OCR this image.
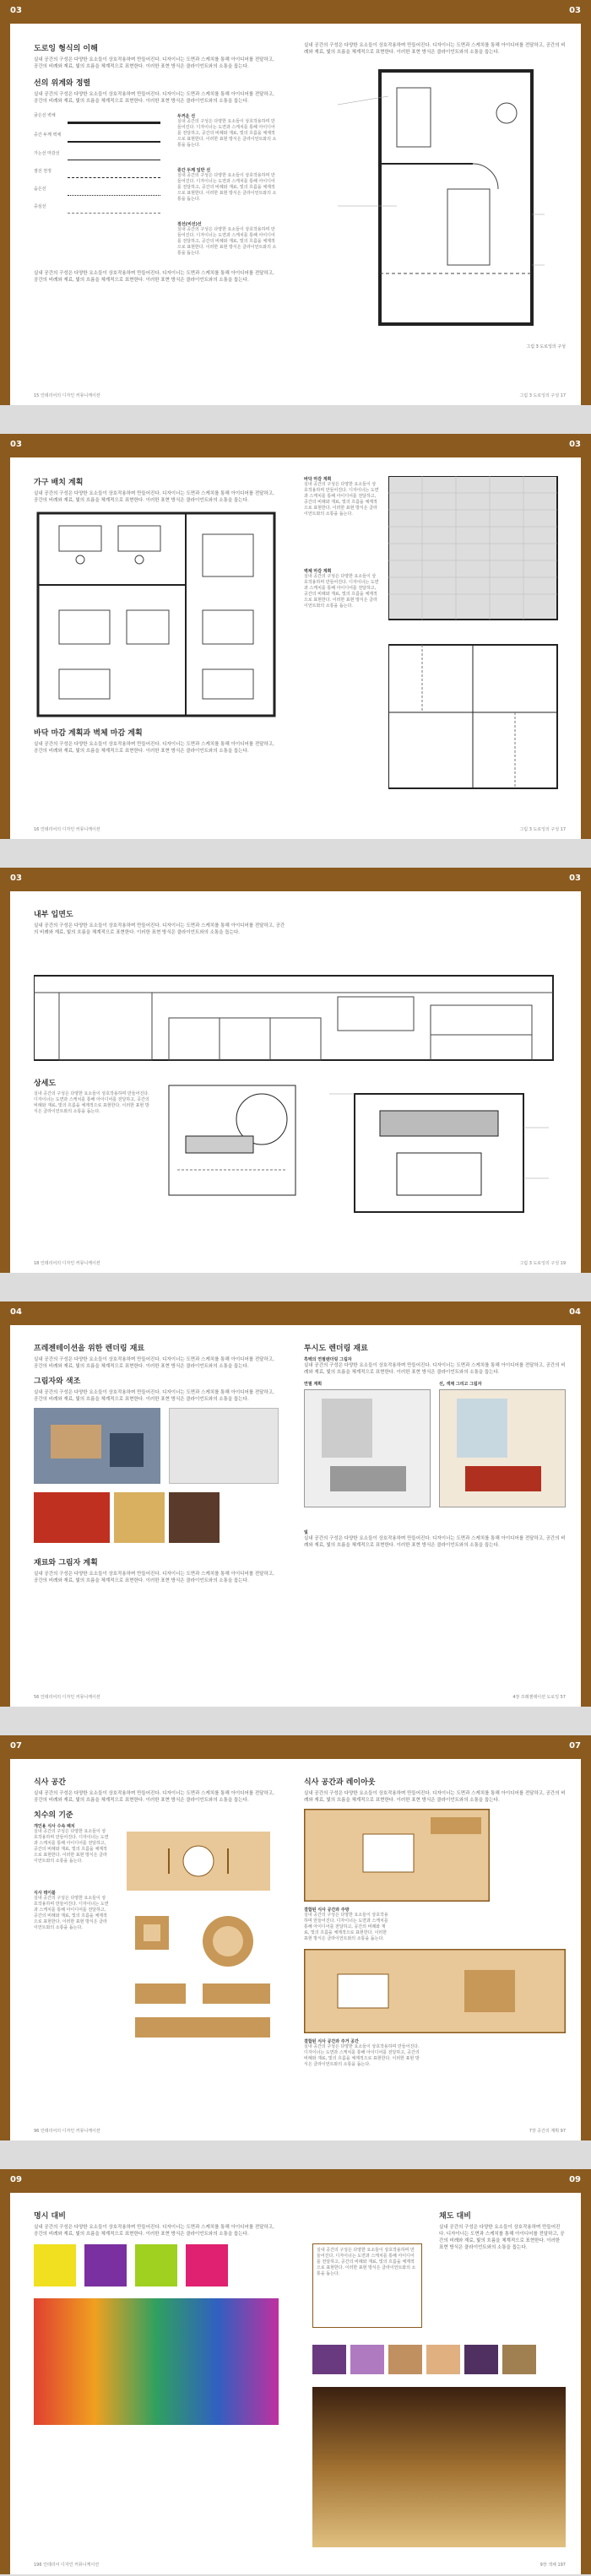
03	03
도로잉 형식의 이해
실내 공간의 구성은 다양한 요소들이 상호작용하며 만들어진다. 디자이너는 도면과 스케치를 통해 아이디어를 전달하고, 공간의 비례와 재료, 빛의 흐름을 체계적으로 표현한다. 이러한 표현 방식은 클라이언트와의 소통을 돕는다.
선의 위계와 정렬
실내 공간의 구성은 다양한 요소들이 상호작용하며 만들어진다. 디자이너는 도면과 스케치를 통해 아이디어를 전달하고, 공간의 비례와 재료, 빛의 흐름을 체계적으로 표현한다. 이러한 표현 방식은 클라이언트와의 소통을 돕는다.
굵은선 벽체
중간 두께 벽체
가는선 마감선
점선 천정
숨은선
중심선
두꺼운 선
실내 공간의 구성은 다양한 요소들이 상호작용하며 만들어진다. 디자이너는 도면과 스케치를 통해 아이디어를 전달하고, 공간의 비례와 재료, 빛의 흐름을 체계적으로 표현한다. 이러한 표현 방식은 클라이언트와의 소통을 돕는다.
중간 두께 일반 선
실내 공간의 구성은 다양한 요소들이 상호작용하며 만들어진다. 디자이너는 도면과 스케치를 통해 아이디어를 전달하고, 공간의 비례와 재료, 빛의 흐름을 체계적으로 표현한다. 이러한 표현 방식은 클라이언트와의 소통을 돕는다.
점선(비선)선
실내 공간의 구성은 다양한 요소들이 상호작용하며 만들어진다. 디자이너는 도면과 스케치를 통해 아이디어를 전달하고, 공간의 비례와 재료, 빛의 흐름을 체계적으로 표현한다. 이러한 표현 방식은 클라이언트와의 소통을 돕는다.
실내 공간의 구성은 다양한 요소들이 상호작용하며 만들어진다. 디자이너는 도면과 스케치를 통해 아이디어를 전달하고, 공간의 비례와 재료, 빛의 흐름을 체계적으로 표현한다. 이러한 표현 방식은 클라이언트와의 소통을 돕는다.
15 인테리어의 디자인 커뮤니케이션
실내 공간의 구성은 다양한 요소들이 상호작용하며 만들어진다. 디자이너는 도면과 스케치를 통해 아이디어를 전달하고, 공간의 비례와 재료, 빛의 흐름을 체계적으로 표현한다. 이러한 표현 방식은 클라이언트와의 소통을 돕는다.
그림 3 도로잉의 구성
그림 3 도로잉의 구성 17
03	03
가구 배치 계획
실내 공간의 구성은 다양한 요소들이 상호작용하며 만들어진다. 디자이너는 도면과 스케치를 통해 아이디어를 전달하고, 공간의 비례와 재료, 빛의 흐름을 체계적으로 표현한다. 이러한 표현 방식은 클라이언트와의 소통을 돕는다.
바닥 마감 계획과 벽체 마감 계획
실내 공간의 구성은 다양한 요소들이 상호작용하며 만들어진다. 디자이너는 도면과 스케치를 통해 아이디어를 전달하고, 공간의 비례와 재료, 빛의 흐름을 체계적으로 표현한다. 이러한 표현 방식은 클라이언트와의 소통을 돕는다.
16 인테리어의 디자인 커뮤니케이션
바닥 마감 계획
실내 공간의 구성은 다양한 요소들이 상호작용하며 만들어진다. 디자이너는 도면과 스케치를 통해 아이디어를 전달하고, 공간의 비례와 재료, 빛의 흐름을 체계적으로 표현한다. 이러한 표현 방식은 클라이언트와의 소통을 돕는다.
벽체 마감 계획
실내 공간의 구성은 다양한 요소들이 상호작용하며 만들어진다. 디자이너는 도면과 스케치를 통해 아이디어를 전달하고, 공간의 비례와 재료, 빛의 흐름을 체계적으로 표현한다. 이러한 표현 방식은 클라이언트와의 소통을 돕는다.
그림 3 도로잉의 구성 17
03	03
내부 입면도
실내 공간의 구성은 다양한 요소들이 상호작용하며 만들어진다. 디자이너는 도면과 스케치를 통해 아이디어를 전달하고, 공간의 비례와 재료, 빛의 흐름을 체계적으로 표현한다. 이러한 표현 방식은 클라이언트와의 소통을 돕는다.
상세도
실내 공간의 구성은 다양한 요소들이 상호작용하며 만들어진다. 디자이너는 도면과 스케치를 통해 아이디어를 전달하고, 공간의 비례와 재료, 빛의 흐름을 체계적으로 표현한다. 이러한 표현 방식은 클라이언트와의 소통을 돕는다.
18 인테리어의 디자인 커뮤니케이션	그림 3 도로잉의 구성 19
04	04
프레젠테이션을 위한 렌더링 재료
실내 공간의 구성은 다양한 요소들이 상호작용하며 만들어진다. 디자이너는 도면과 스케치를 통해 아이디어를 전달하고, 공간의 비례와 재료, 빛의 흐름을 체계적으로 표현한다. 이러한 표현 방식은 클라이언트와의 소통을 돕는다.
그림자와 색조
실내 공간의 구성은 다양한 요소들이 상호작용하며 만들어진다. 디자이너는 도면과 스케치를 통해 아이디어를 전달하고, 공간의 비례와 재료, 빛의 흐름을 체계적으로 표현한다. 이러한 표현 방식은 클라이언트와의 소통을 돕는다.
재료와 그림자 계획
실내 공간의 구성은 다양한 요소들이 상호작용하며 만들어진다. 디자이너는 도면과 스케치를 통해 아이디어를 전달하고, 공간의 비례와 재료, 빛의 흐름을 체계적으로 표현한다. 이러한 표현 방식은 클라이언트와의 소통을 돕는다.
56 인테리어의 디자인 커뮤니케이션
투시도 렌더링 재료
흑백의 연필렌더링 그림자
실내 공간의 구성은 다양한 요소들이 상호작용하며 만들어진다. 디자이너는 도면과 스케치를 통해 아이디어를 전달하고, 공간의 비례와 재료, 빛의 흐름을 체계적으로 표현한다. 이러한 표현 방식은 클라이언트와의 소통을 돕는다.
연필 계획	선, 색채 그리고 그림자
빛
실내 공간의 구성은 다양한 요소들이 상호작용하며 만들어진다. 디자이너는 도면과 스케치를 통해 아이디어를 전달하고, 공간의 비례와 재료, 빛의 흐름을 체계적으로 표현한다. 이러한 표현 방식은 클라이언트와의 소통을 돕는다.
4장 프레젠테이션 도로잉 57
07	07
식사 공간
실내 공간의 구성은 다양한 요소들이 상호작용하며 만들어진다. 디자이너는 도면과 스케치를 통해 아이디어를 전달하고, 공간의 비례와 재료, 빛의 흐름을 체계적으로 표현한다. 이러한 표현 방식은 클라이언트와의 소통을 돕는다.
치수의 기준
개인용 식사 수속 패치
실내 공간의 구성은 다양한 요소들이 상호작용하며 만들어진다. 디자이너는 도면과 스케치를 통해 아이디어를 전달하고, 공간의 비례와 재료, 빛의 흐름을 체계적으로 표현한다. 이러한 표현 방식은 클라이언트와의 소통을 돕는다.
식사 테이블
실내 공간의 구성은 다양한 요소들이 상호작용하며 만들어진다. 디자이너는 도면과 스케치를 통해 아이디어를 전달하고, 공간의 비례와 재료, 빛의 흐름을 체계적으로 표현한다. 이러한 표현 방식은 클라이언트와의 소통을 돕는다.
96 인테리어의 디자인 커뮤니케이션
식사 공간과 레이아웃
실내 공간의 구성은 다양한 요소들이 상호작용하며 만들어진다. 디자이너는 도면과 스케치를 통해 아이디어를 전달하고, 공간의 비례와 재료, 빛의 흐름을 체계적으로 표현한다. 이러한 표현 방식은 클라이언트와의 소통을 돕는다.
결합된 식사 공간과 주방
실내 공간의 구성은 다양한 요소들이 상호작용하며 만들어진다. 디자이너는 도면과 스케치를 통해 아이디어를 전달하고, 공간의 비례와 재료, 빛의 흐름을 체계적으로 표현한다. 이러한 표현 방식은 클라이언트와의 소통을 돕는다.
결합된 식사 공간과 주거 공간
실내 공간의 구성은 다양한 요소들이 상호작용하며 만들어진다. 디자이너는 도면과 스케치를 통해 아이디어를 전달하고, 공간의 비례와 재료, 빛의 흐름을 체계적으로 표현한다. 이러한 표현 방식은 클라이언트와의 소통을 돕는다.
7장 공간의 계획 97
09	09
명시 대비
실내 공간의 구성은 다양한 요소들이 상호작용하며 만들어진다. 디자이너는 도면과 스케치를 통해 아이디어를 전달하고, 공간의 비례와 재료, 빛의 흐름을 체계적으로 표현한다. 이러한 표현 방식은 클라이언트와의 소통을 돕는다.
196 인테리어 디자인 커뮤니케이션
실내 공간의 구성은 다양한 요소들이 상호작용하며 만들어진다. 디자이너는 도면과 스케치를 통해 아이디어를 전달하고, 공간의 비례와 재료, 빛의 흐름을 체계적으로 표현한다. 이러한 표현 방식은 클라이언트와의 소통을 돕는다.
채도 대비
실내 공간의 구성은 다양한 요소들이 상호작용하며 만들어진다. 디자이너는 도면과 스케치를 통해 아이디어를 전달하고, 공간의 비례와 재료, 빛의 흐름을 체계적으로 표현한다. 이러한 표현 방식은 클라이언트와의 소통을 돕는다.
9장 색채 197
